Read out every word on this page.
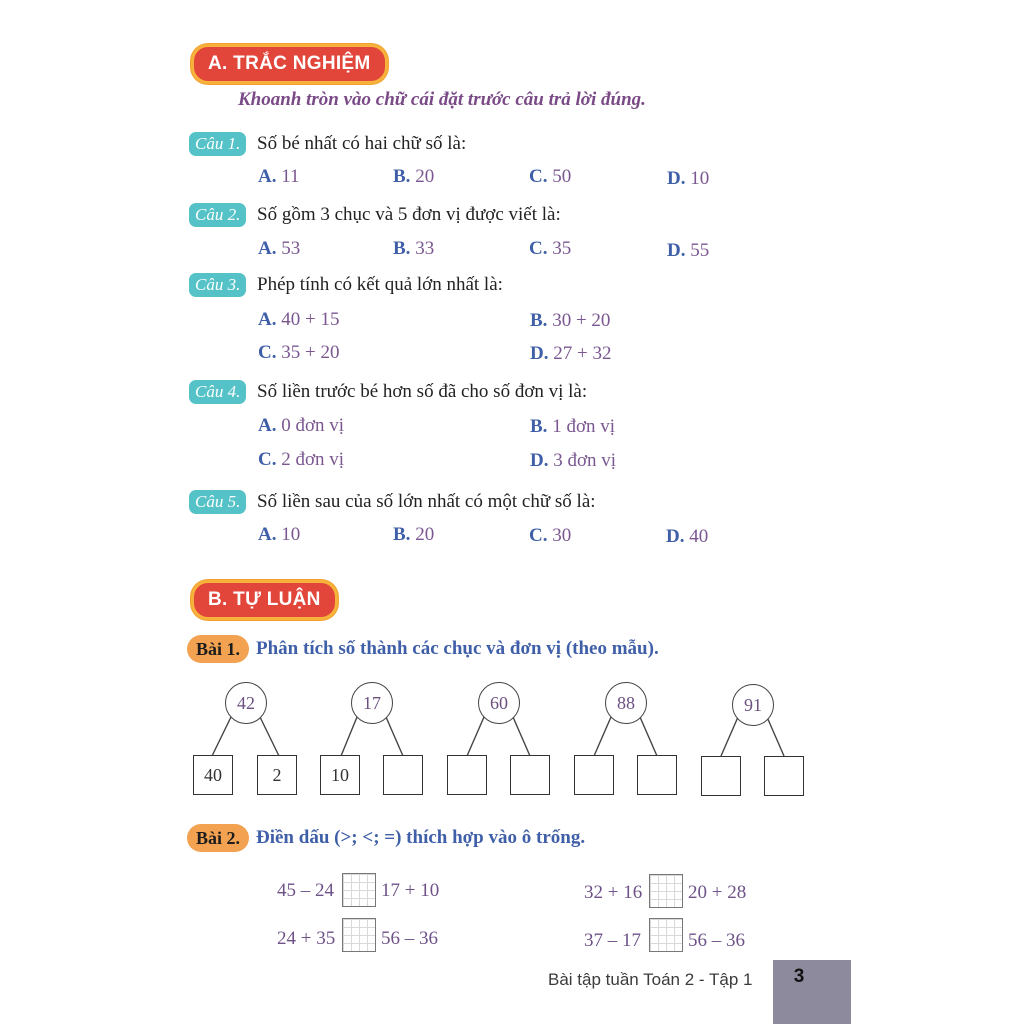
A. TRẮC NGHIỆM
Khoanh tròn vào chữ cái đặt trước câu trả lời đúng.
Câu 1. Số bé nhất có hai chữ số là:
A. 11	B. 20	C. 50	D. 10
Câu 2. Số gồm 3 chục và 5 đơn vị được viết là:
A. 53	B. 33	C. 35	D. 55
Câu 3. Phép tính có kết quả lớn nhất là:
A. 40 + 15	B. 30 + 20
C. 35 + 20	D. 27 + 32
Câu 4. Số liền trước bé hơn số đã cho số đơn vị là:
A. 0 đơn vị	B. 1 đơn vị
C. 2 đơn vị	D. 3 đơn vị
Câu 5. Số liền sau của số lớn nhất có một chữ số là:
A. 10	B. 20	C. 30	D. 40
B. TỰ LUẬN
Bài 1. Phân tích số thành các chục và đơn vị (theo mẫu).
42
40	2
17
10
60	88	91
Bài 2. Điền dấu (>; <; =) thích hợp vào ô trống.
45 – 24 17 + 10	32 + 16 20 + 28
24 + 35 56 – 36	37 – 17 56 – 36
Bài tập tuần Toán 2 - Tập 1	3
